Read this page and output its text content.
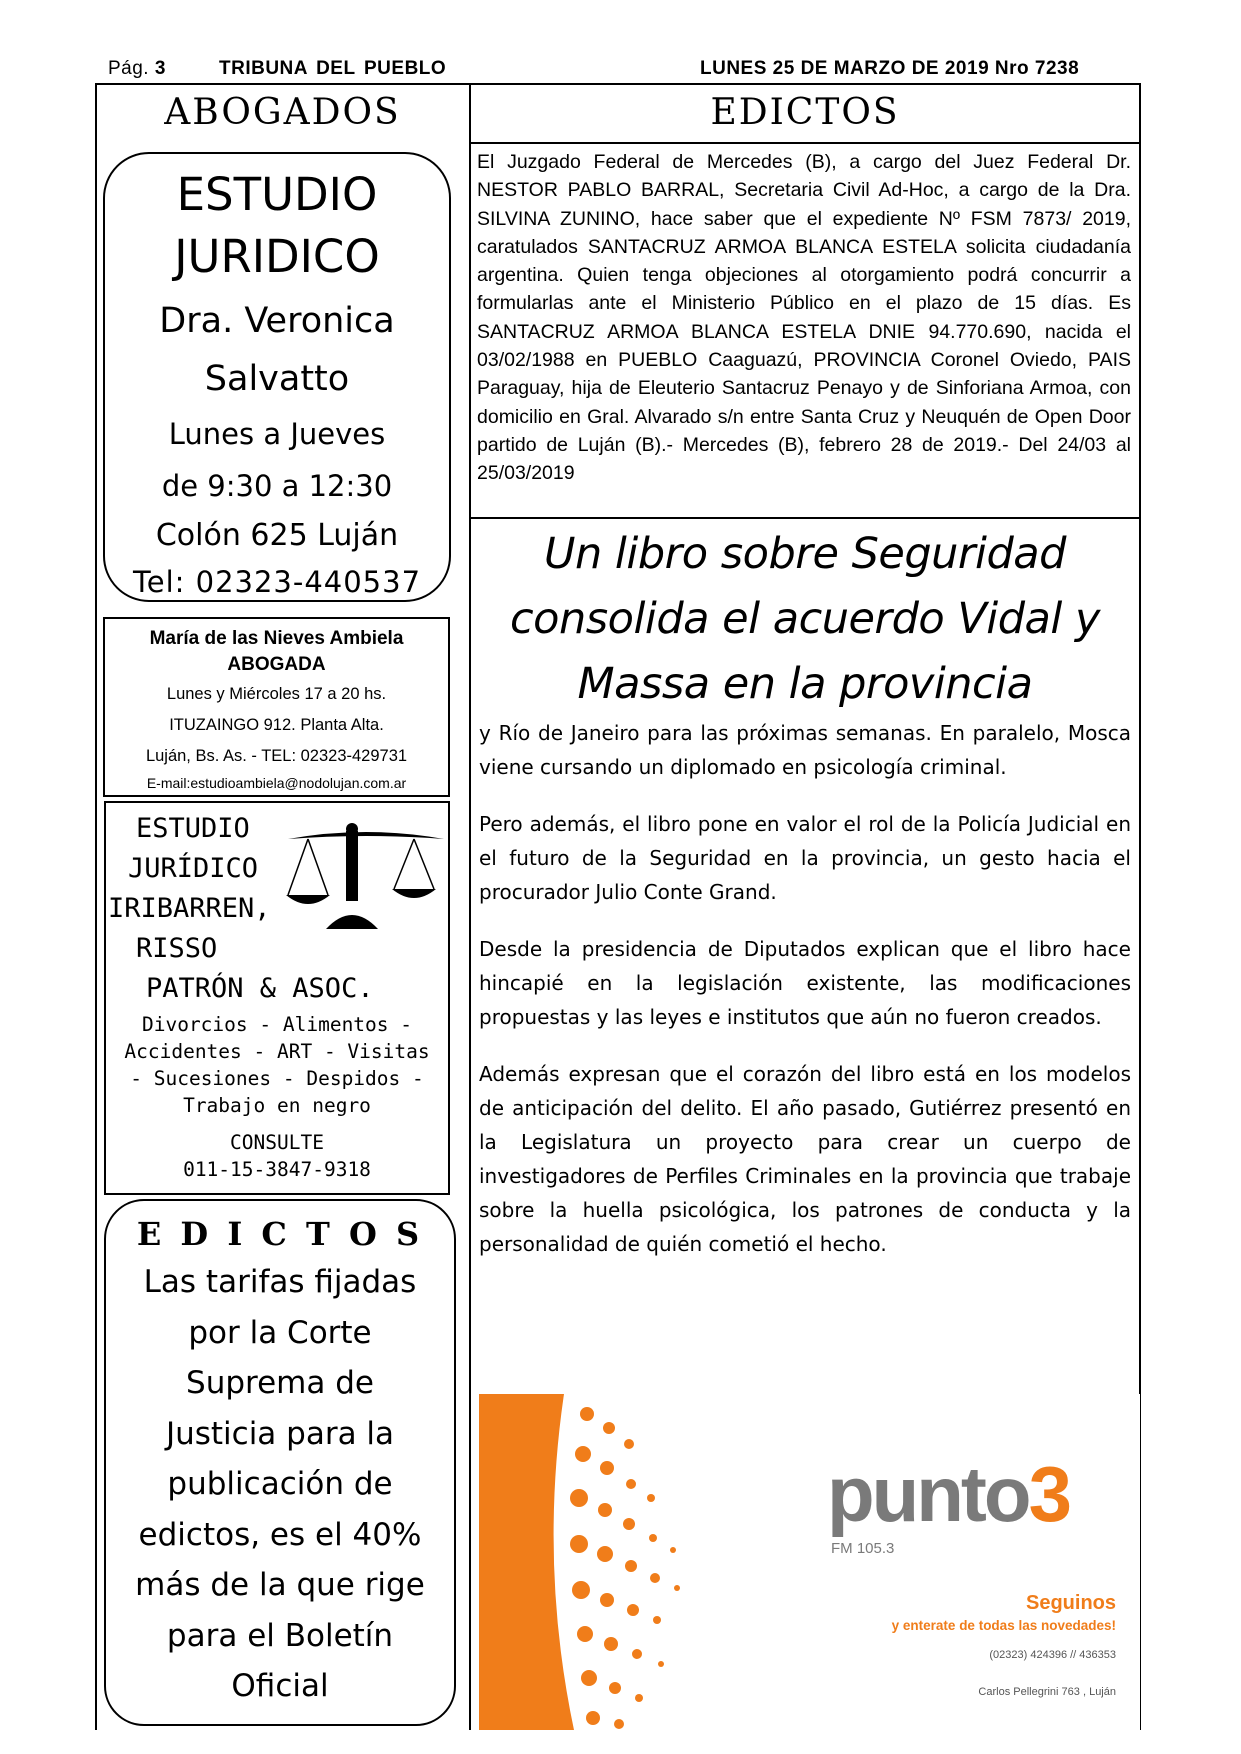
Pág. 3	TRIBUNA DEL PUEBLO	LUNES 25 DE MARZO DE 2019 Nro 7238
ABOGADOS
ESTUDIO
JURIDICO
Dra. Veronica
Salvatto
Lunes a Jueves
de 9:30 a 12:30
Colón 625 Luján
Tel: 02323-440537
María de las Nieves Ambiela
ABOGADA
Lunes y Miércoles 17 a 20 hs.
ITUZAINGO 912. Planta Alta.
Luján, Bs. As. - TEL: 02323-429731
E-mail:estudioambiela@nodolujan.com.ar
ESTUDIO
JURÍDICO
IRIBARREN,
RISSO
PATRÓN & ASOC.
Divorcios - Alimentos -
Accidentes - ART - Visitas
- Sucesiones - Despidos -
Trabajo en negro
CONSULTE
011-15-3847-9318
E D I C T O S
Las tarifas fijadas
por la Corte
Suprema de
Justicia para la
publicación de
edictos, es el 40%
más de la que rige
para el Boletín
Oficial
EDICTOS
El Juzgado Federal de Mercedes (B), a cargo del Juez Federal Dr. NESTOR PABLO BARRAL, Secretaria Civil Ad-Hoc, a cargo de la Dra. SILVINA ZUNINO, hace saber que el expediente Nº FSM 7873/ 2019, caratulados SANTACRUZ ARMOA BLANCA ESTELA solicita ciudadanía argentina. Quien tenga objeciones al otorgamiento podrá concurrir a formularlas ante el Ministerio Público en el plazo de 15 días. Es SANTACRUZ ARMOA BLANCA ESTELA DNIE 94.770.690, nacida el 03/02/1988 en PUEBLO Caaguazú, PROVINCIA Coronel Oviedo, PAIS Paraguay, hija de Eleuterio Santacruz Penayo y de Sinforiana Armoa, con domicilio en Gral. Alvarado s/n entre Santa Cruz y Neuquén de Open Door partido de Luján (B).- Mercedes (B), febrero 28 de 2019.- Del 24/03 al 25/03/2019
Un libro sobre Seguridad
consolida el acuerdo Vidal y
Massa en la provincia
y Río de Janeiro para las próximas semanas. En paralelo, Mosca viene cursando un diplomado en psicología criminal.
Pero además, el libro pone en valor el rol de la Policía Judicial en el futuro de la Seguridad en la provincia, un gesto hacia el procurador Julio Conte Grand.
Desde la presidencia de Diputados explican que el libro hace hincapié en la legislación existente, las modificaciones propuestas y las leyes e institutos que aún no fueron creados.
Además expresan que el corazón del libro está en los modelos de anticipación del delito. El año pasado, Gutiérrez presentó en la Legislatura un proyecto para crear un cuerpo de investigadores de Perfiles Criminales en la provincia que trabaje sobre la huella psicológica, los patrones de conducta y la personalidad de quién cometió el hecho.
punto3
FM 105.3
Seguinos
y enterate de todas las novedades!
(02323) 424396 // 436353
Carlos Pellegrini 763 , Luján
